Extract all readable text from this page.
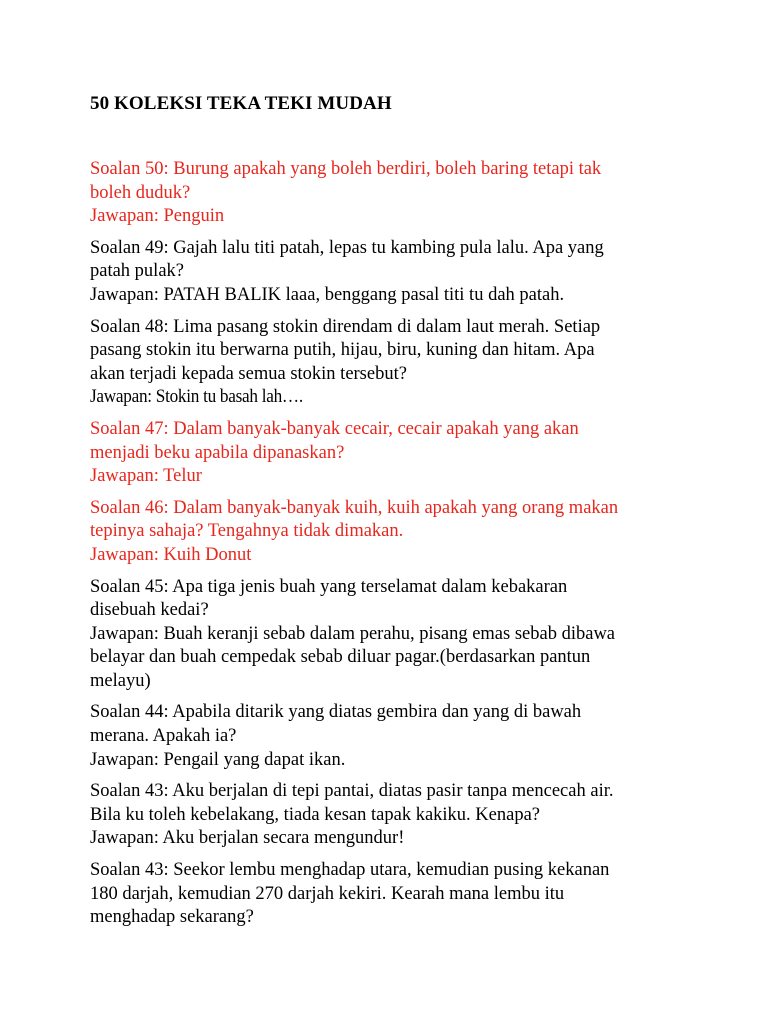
50 KOLEKSI TEKA TEKI MUDAH
Soalan 50: Burung apakah yang boleh berdiri, boleh baring tetapi tak
boleh duduk?
Jawapan: Penguin
Soalan 49: Gajah lalu titi patah, lepas tu kambing pula lalu. Apa yang
patah pulak?
Jawapan: PATAH BALIK laaa, benggang pasal titi tu dah patah.
Soalan 48: Lima pasang stokin direndam di dalam laut merah. Setiap
pasang stokin itu berwarna putih, hijau, biru, kuning dan hitam. Apa
akan terjadi kepada semua stokin tersebut?
Jawapan: Stokin tu basah lah….
Soalan 47: Dalam banyak-banyak cecair, cecair apakah yang akan
menjadi beku apabila dipanaskan?
Jawapan: Telur
Soalan 46: Dalam banyak-banyak kuih, kuih apakah yang orang makan
tepinya sahaja? Tengahnya tidak dimakan.
Jawapan: Kuih Donut
Soalan 45: Apa tiga jenis buah yang terselamat dalam kebakaran
disebuah kedai?
Jawapan: Buah keranji sebab dalam perahu, pisang emas sebab dibawa
belayar dan buah cempedak sebab diluar pagar.(berdasarkan pantun
melayu)
Soalan 44: Apabila ditarik yang diatas gembira dan yang di bawah
merana. Apakah ia?
Jawapan: Pengail yang dapat ikan.
Soalan 43: Aku berjalan di tepi pantai, diatas pasir tanpa mencecah air.
Bila ku toleh kebelakang, tiada kesan tapak kakiku. Kenapa?
Jawapan: Aku berjalan secara mengundur!
Soalan 43: Seekor lembu menghadap utara, kemudian pusing kekanan
180 darjah, kemudian 270 darjah kekiri. Kearah mana lembu itu
menghadap sekarang?
